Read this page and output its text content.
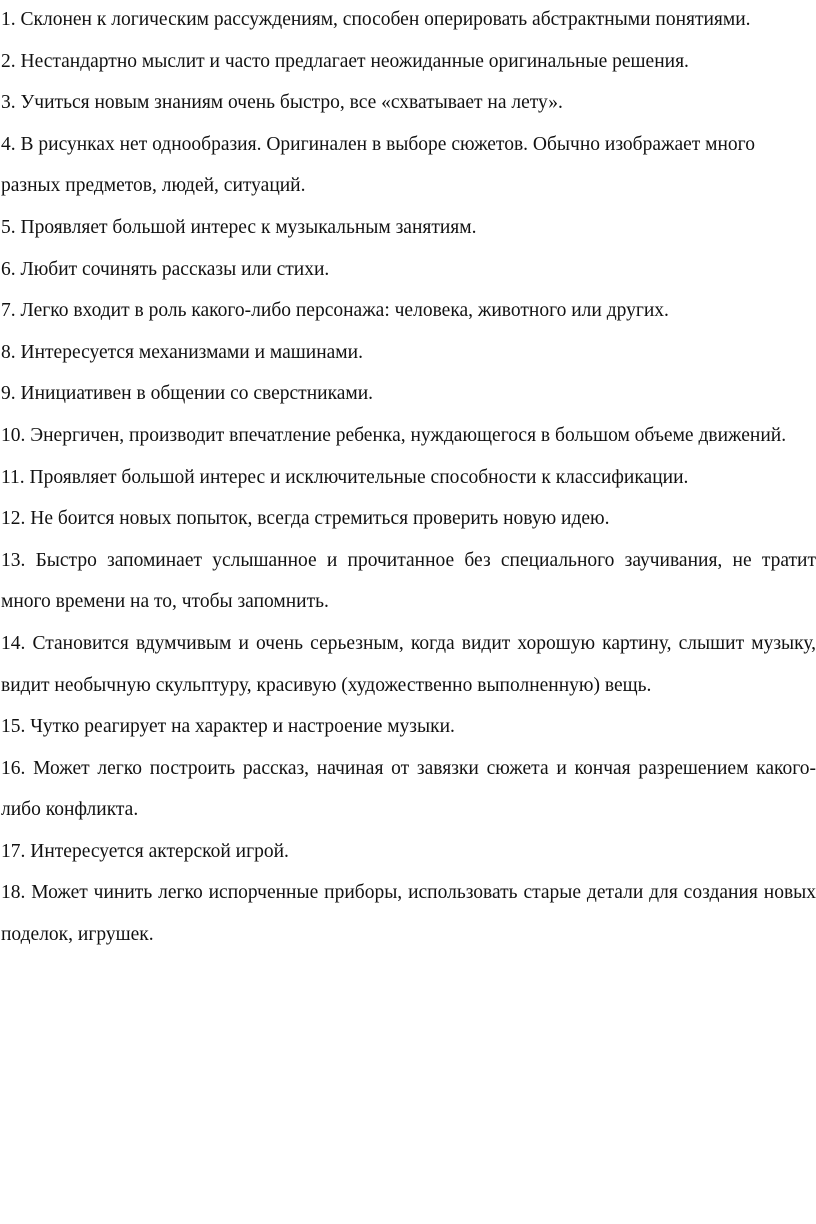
1. Склонен к логическим рассуждениям, способен оперировать абстрактными понятиями.

2. Нестандартно мыслит и часто предлагает неожиданные оригинальные решения.

3. Учиться новым знаниям очень быстро, все «схватывает на лету».

4. В рисунках нет однообразия. Оригинален в выборе сюжетов. Обычно изображает много разных предметов, людей, ситуаций.

5. Проявляет большой интерес к музыкальным занятиям.

6. Любит сочинять рассказы или стихи.

7. Легко входит в роль какого-либо персонажа: человека, животного или других.

8. Интересуется механизмами и машинами.

9. Инициативен в общении со сверстниками.

10. Энергичен, производит впечатление ребенка, нуждающегося в большом объеме движений.

11. Проявляет большой интерес и исключительные способности к классификации.

12. Не боится новых попыток, всегда стремиться проверить новую идею.

13. Быстро запоминает услышанное и прочитанное без специального заучивания, не тратит много времени на то, чтобы запомнить.

14. Становится вдумчивым и очень серьезным, когда видит хорошую картину, слышит музыку, видит необычную скульптуру, красивую (художественно выполненную) вещь.

15. Чутко реагирует на характер и настроение музыки.

16. Может легко построить рассказ, начиная от завязки сюжета и кончая разрешением какого-либо конфликта.

17. Интересуется актерской игрой.

18. Может чинить легко испорченные приборы, использовать старые детали для создания новых поделок, игрушек.
